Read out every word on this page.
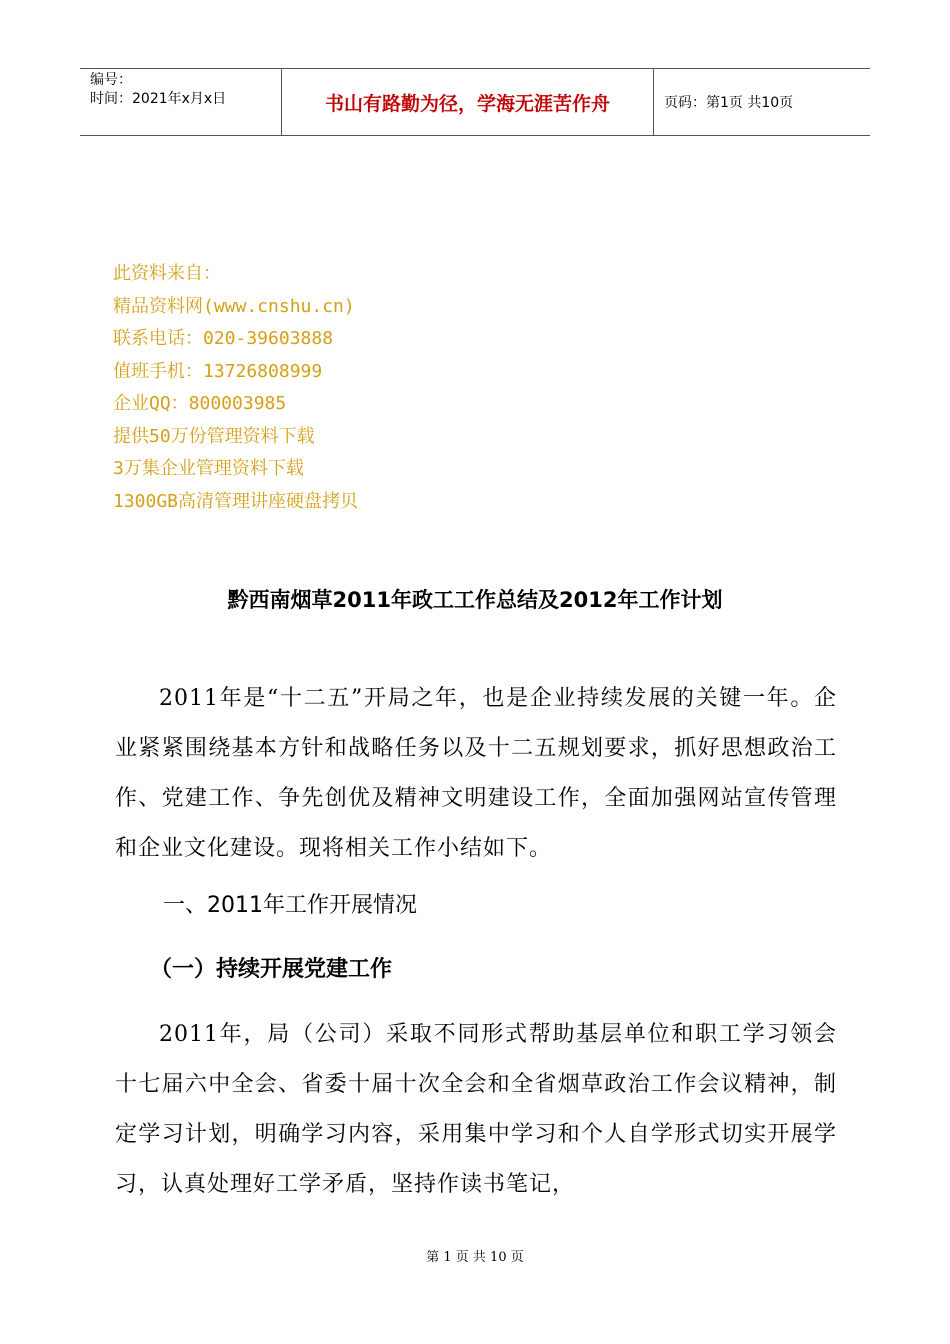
编号：
时间：2021年x月x日	书山有路勤为径，学海无涯苦作舟	页码：第1页 共10页
此资料来自：
精品资料网(www.cnshu.cn)
联系电话：020-39603888
值班手机：13726808999
企业QQ：800003985
提供50万份管理资料下载
3万集企业管理资料下载
1300GB高清管理讲座硬盘拷贝
黔西南烟草2011年政工工作总结及2012年工作计划
2011年是“十二五”开局之年，也是企业持续发展的关键一年。企业紧紧围绕基本方针和战略任务以及十二五规划要求，抓好思想政治工作、党建工作、争先创优及精神文明建设工作，全面加强网站宣传管理和企业文化建设。现将相关工作小结如下。
一、2011年工作开展情况
（一）持续开展党建工作
2011年，局（公司）采取不同形式帮助基层单位和职工学习领会十七届六中全会、省委十届十次全会和全省烟草政治工作会议精神，制定学习计划，明确学习内容，采用集中学习和个人自学形式切实开展学习，认真处理好工学矛盾，坚持作读书笔记，
第 1 页 共 10 页
